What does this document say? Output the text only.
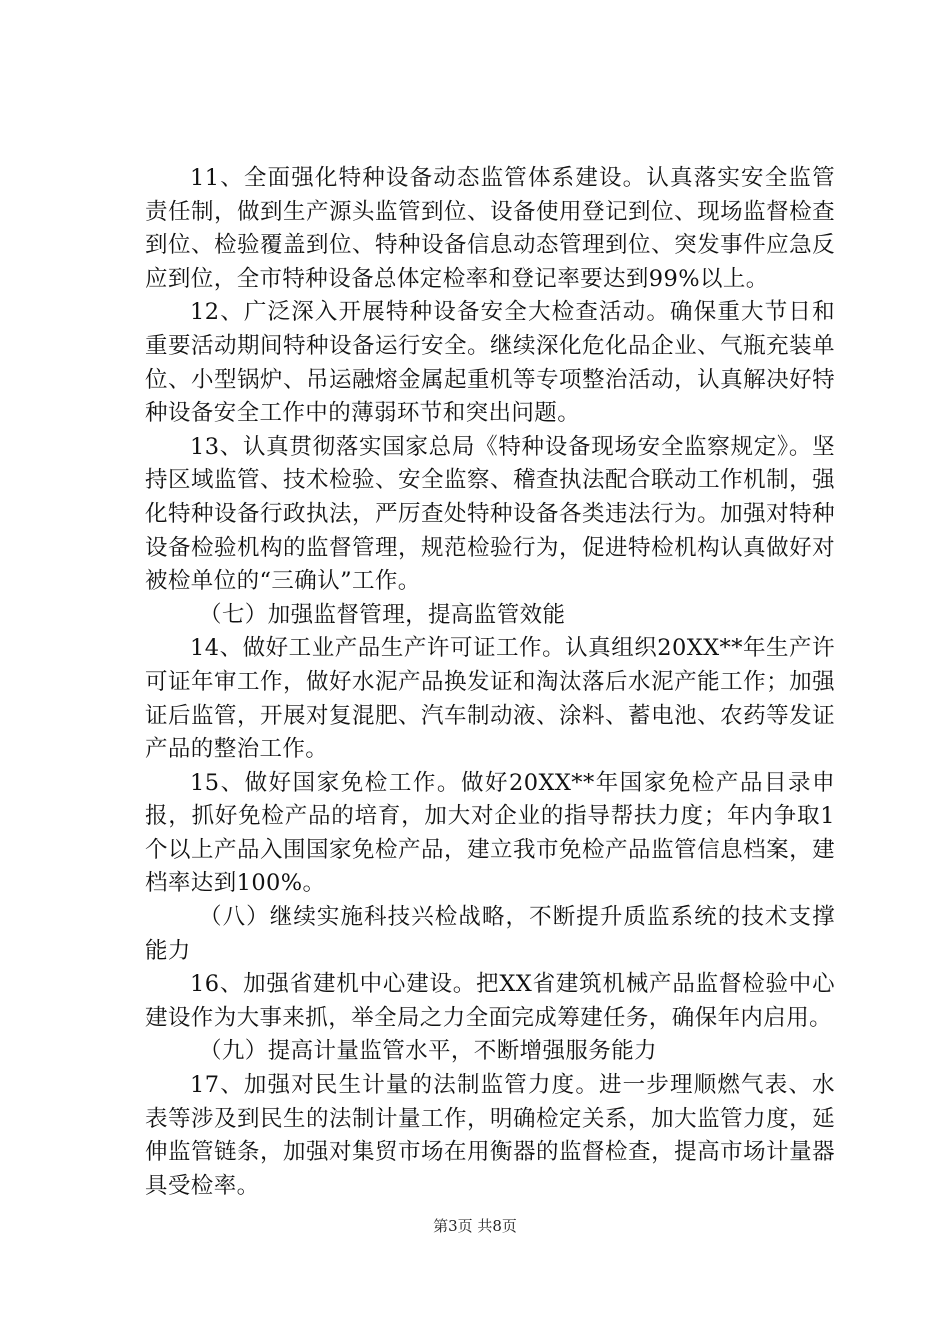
11、全面强化特种设备动态监管体系建设。认真落实安全监管责任制，做到生产源头监管到位、设备使用登记到位、现场监督检查到位、检验覆盖到位、特种设备信息动态管理到位、突发事件应急反应到位，全市特种设备总体定检率和登记率要达到99%以上。

12、广泛深入开展特种设备安全大检查活动。确保重大节日和重要活动期间特种设备运行安全。继续深化危化品企业、气瓶充装单位、小型锅炉、吊运融熔金属起重机等专项整治活动，认真解决好特种设备安全工作中的薄弱环节和突出问题。

13、认真贯彻落实国家总局《特种设备现场安全监察规定》。坚持区域监管、技术检验、安全监察、稽查执法配合联动工作机制，强化特种设备行政执法，严厉查处特种设备各类违法行为。加强对特种设备检验机构的监督管理，规范检验行为，促进特检机构认真做好对被检单位的“三确认”工作。

（七）加强监督管理，提高监管效能

14、做好工业产品生产许可证工作。认真组织20XX**年生产许可证年审工作，做好水泥产品换发证和淘汰落后水泥产能工作；加强证后监管，开展对复混肥、汽车制动液、涂料、蓄电池、农药等发证产品的整治工作。

15、做好国家免检工作。做好20XX**年国家免检产品目录申报，抓好免检产品的培育，加大对企业的指导帮扶力度；年内争取1个以上产品入围国家免检产品，建立我市免检产品监管信息档案，建档率达到100%。

（八）继续实施科技兴检战略，不断提升质监系统的技术支撑能力

16、加强省建机中心建设。把XX省建筑机械产品监督检验中心建设作为大事来抓，举全局之力全面完成筹建任务，确保年内启用。

（九）提高计量监管水平，不断增强服务能力

17、加强对民生计量的法制监管力度。进一步理顺燃气表、水表等涉及到民生的法制计量工作，明确检定关系，加大监管力度，延伸监管链条，加强对集贸市场在用衡器的监督检查，提高市场计量器具受检率。

第3页 共8页
